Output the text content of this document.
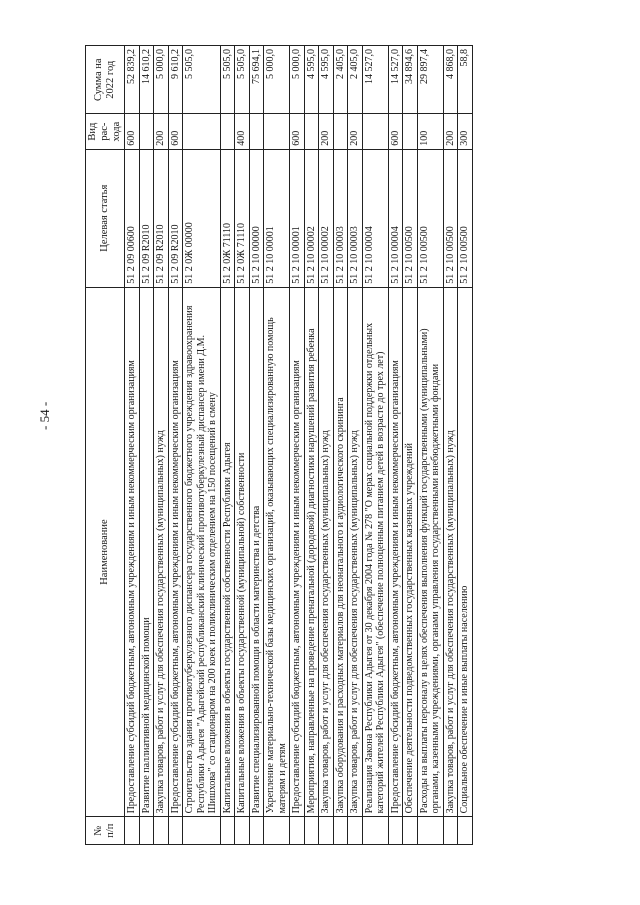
- 54 -
№ п/п	Наименование	Целевая статья	Вид рас-хода	Сумма на 2022 год
	Предоставление субсидий бюджетным, автономным учреждениям и иным некоммерческим организациям	51 2 09 00600	600	52 839,2
	Развитие паллиативной медицинской помощи	51 2 09 R2010		14 610,2
	Закупка товаров, работ и услуг для обеспечения государственных (муниципальных) нужд	51 2 09 R2010	200	5 000,0
	Предоставление субсидий бюджетным, автономным учреждениям и иным некоммерческим организациям	51 2 09 R2010	600	9 610,2
	Строительство здания противотуберкулезного диспансера государственного бюджетного учреждения здравоохранения Республики Адыгея "Адыгейский республиканский клинический противотуберкулезный диспансер имени Д.М. Шишхова" со стационаром на 200 коек и поликлиническим отделением на 150 посещений в смену	51 2 0Ж 00000		5 505,0
	Капитальные вложения в объекты государственной собственности Республики Адыгея	51 2 0Ж 71110		5 505,0
	Капитальные вложения в объекты государственной (муниципальной) собственности	51 2 0Ж 71110	400	5 505,0
	Развитие специализированной помощи в области материнства и детства	51 2 10 00000		75 694,1
	Укрепление материально-технической базы медицинских организаций, оказывающих специализированную помощь матерям и детям	51 2 10 00001		5 000,0
	Предоставление субсидий бюджетным, автономным учреждениям и иным некоммерческим организациям	51 2 10 00001	600	5 000,0
	Мероприятия, направленные на проведение пренатальной (дородовой) диагностики нарушений развития ребенка	51 2 10 00002		4 595,0
	Закупка товаров, работ и услуг для обеспечения государственных (муниципальных) нужд	51 2 10 00002	200	4 595,0
	Закупка оборудования и расходных материалов для неонатального и аудиологического скрининга	51 2 10 00003		2 405,0
	Закупка товаров, работ и услуг для обеспечения государственных (муниципальных) нужд	51 2 10 00003	200	2 405,0
	Реализация Закона Республики Адыгея от 30 декабря 2004 года № 278 "О мерах социальной поддержки отдельных категорий жителей Республики Адыгея" (обеспечение полноценным питанием детей в возрасте до трех лет)	51 2 10 00004		14 527,0
	Предоставление субсидий бюджетным, автономным учреждениям и иным некоммерческим организациям	51 2 10 00004	600	14 527,0
	Обеспечение деятельности подведомственных государственных казенных учреждений	51 2 10 00500		34 894,6
	Расходы на выплаты персоналу в целях обеспечения выполнения функций государственными (муниципальными) органами, казенными учреждениями, органами управления государственными внебюджетными фондами	51 2 10 00500	100	29 897,4
	Закупка товаров, работ и услуг для обеспечения государственных (муниципальных) нужд	51 2 10 00500	200	4 868,0
	Социальное обеспечение и иные выплаты населению	51 2 10 00500	300	58,8
